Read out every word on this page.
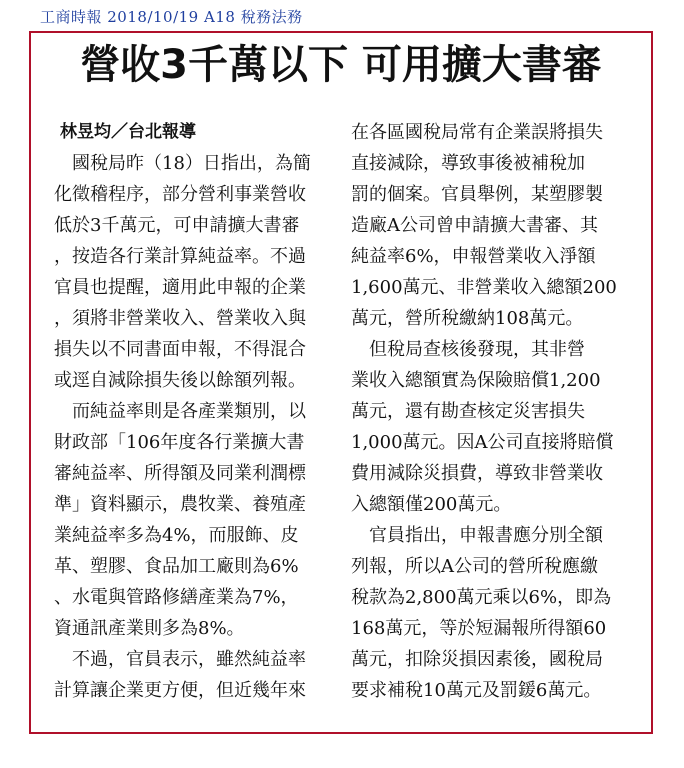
工商時報 2018/10/19 A18 稅務法務
營收3千萬以下 可用擴大書審
林昱均／台北報導
　國稅局昨（18）日指出，為簡
化徵稽程序，部分營利事業營收
低於3千萬元，可申請擴大書審
，按造各行業計算純益率。不過
官員也提醒，適用此申報的企業
，須將非營業收入、營業收入與
損失以不同書面申報，不得混合
或逕自減除損失後以餘額列報。
　而純益率則是各產業類別，以
財政部「106年度各行業擴大書
審純益率、所得額及同業利潤標
準」資料顯示，農牧業、養殖產
業純益率多為4%，而服飾、皮
革、塑膠、食品加工廠則為6%
、水電與管路修繕產業為7%，
資通訊產業則多為8%。
　不過，官員表示，雖然純益率
計算讓企業更方便，但近幾年來
在各區國稅局常有企業誤將損失
直接減除，導致事後被補稅加
罰的個案。官員舉例，某塑膠製
造廠A公司曾申請擴大書審、其
純益率6%，申報營業收入淨額
1,600萬元、非營業收入總額200
萬元，營所稅繳納108萬元。
　但稅局查核後發現，其非營
業收入總額實為保險賠償1,200
萬元，還有勘查核定災害損失
1,000萬元。因A公司直接將賠償
費用減除災損費，導致非營業收
入總額僅200萬元。
　官員指出，申報書應分別全額
列報，所以A公司的營所稅應繳
稅款為2,800萬元乘以6%，即為
168萬元，等於短漏報所得額60
萬元，扣除災損因素後，國稅局
要求補稅10萬元及罰鍰6萬元。
